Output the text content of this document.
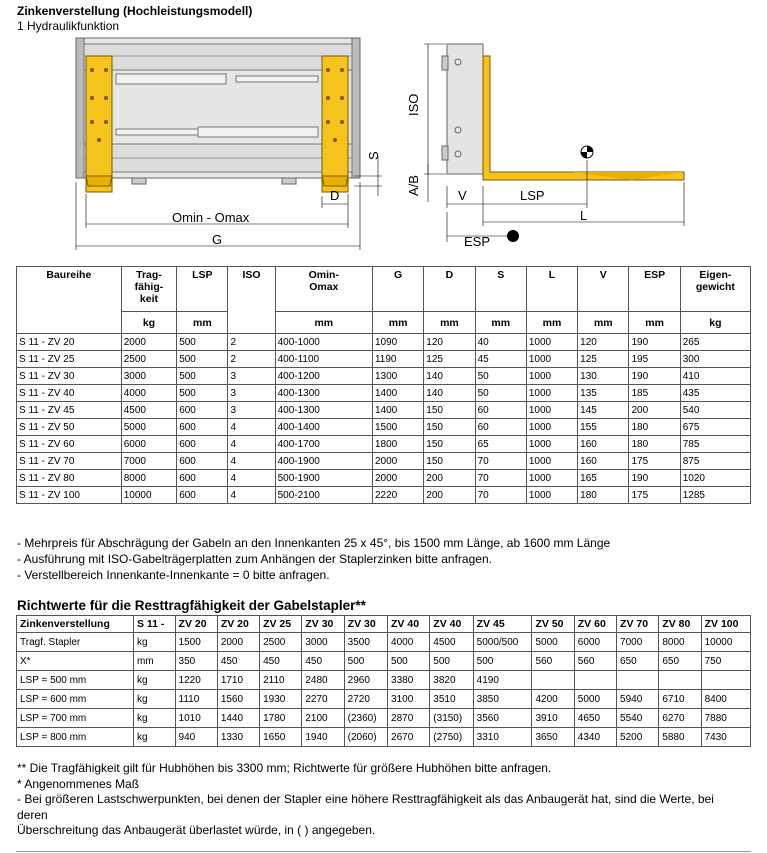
Zinkenverstellung (Hochleistungsmodell)
1 Hydraulikfunktion
Omin - Omax
G
D
S
ISO
A/B	V	LSP
L
ESP
Baureihe	Trag-
fähig-
keit	LSP	ISO	Omin-
Omax	G	D	S	L	V	ESP	Eigen-
gewicht
	kg	mm		mm	mm	mm	mm	mm	mm	mm	kg
S 11 - ZV 20	2000	500	2	400-1000	1090	120	40	1000	120	190	265
S 11 - ZV 25	2500	500	2	400-1100	1190	125	45	1000	125	195	300
S 11 - ZV 30	3000	500	3	400-1200	1300	140	50	1000	130	190	410
S 11 - ZV 40	4000	500	3	400-1300	1400	140	50	1000	135	185	435
S 11 - ZV 45	4500	600	3	400-1300	1400	150	60	1000	145	200	540
S 11 - ZV 50	5000	600	4	400-1400	1500	150	60	1000	155	180	675
S 11 - ZV 60	6000	600	4	400-1700	1800	150	65	1000	160	180	785
S 11 - ZV 70	7000	600	4	400-1900	2000	150	70	1000	160	175	875
S 11 - ZV 80	8000	600	4	500-1900	2000	200	70	1000	165	190	1020
S 11 - ZV 100	10000	600	4	500-2100	2220	200	70	1000	180	175	1285
- Mehrpreis für Abschrägung der Gabeln an den Innenkanten 25 x 45°, bis 1500 mm Länge, ab 1600 mm Länge
- Ausführung mit ISO-Gabelträgerplatten zum Anhängen der Staplerzinken bitte anfragen.
- Verstellbereich Innenkante-Innenkante = 0 bitte anfragen.
Richtwerte für die Resttragfähigkeit der Gabelstapler**
Zinkenverstellung	S 11 -	ZV 20	ZV 20	ZV 25	ZV 30	ZV 30	ZV 40	ZV 40	ZV 45	ZV 50	ZV 60	ZV 70	ZV 80	ZV 100
Tragf. Stapler	kg	1500	2000	2500	3000	3500	4000	4500	5000/500	5000	6000	7000	8000	10000
X*	mm	350	450	450	450	500	500	500	500	560	560	650	650	750
LSP = 500 mm	kg	1220	1710	2110	2480	2960	3380	3820	4190					
LSP = 600 mm	kg	1110	1560	1930	2270	2720	3100	3510	3850	4200	5000	5940	6710	8400
LSP = 700 mm	kg	1010	1440	1780	2100	(2360)	2870	(3150)	3560	3910	4650	5540	6270	7880
LSP = 800 mm	kg	940	1330	1650	1940	(2060)	2670	(2750)	3310	3650	4340	5200	5880	7430
** Die Tragfähigkeit gilt für Hubhöhen bis 3300 mm; Richtwerte für größere Hubhöhen bitte anfragen.
* Angenommenes Maß
- Bei größeren Lastschwerpunkten, bei denen der Stapler eine höhere Resttragfähigkeit als das Anbaugerät hat, sind die Werte, bei deren
Überschreitung das Anbaugerät überlastet würde, in ( ) angegeben.
